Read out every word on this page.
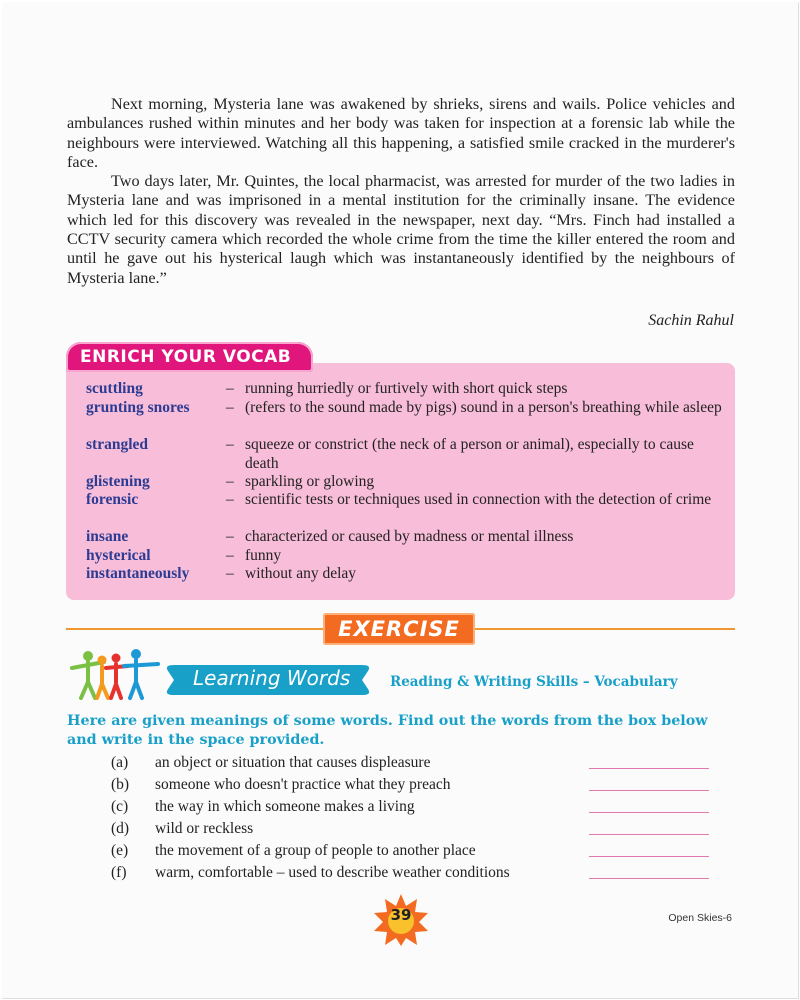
Next morning, Mysteria lane was awakened by shrieks, sirens and wails. Police vehicles and ambulances rushed within minutes and her body was taken for inspection at a forensic lab while the neighbours were interviewed. Watching all this happening, a satisfied smile cracked in the murderer's face.

Two days later, Mr. Quintes, the local pharmacist, was arrested for murder of the two ladies in Mysteria lane and was imprisoned in a mental institution for the criminally insane. The evidence which led for this discovery was revealed in the newspaper, next day. “Mrs. Finch had installed a CCTV security camera which recorded the whole crime from the time the killer entered the room and until he gave out his hysterical laugh which was instantaneously identified by the neighbours of Mysteria lane.”

Sachin Rahul
ENRICH YOUR VOCAB
scuttling	– running hurriedly or furtively with short quick steps
grunting snores – (refers to the sound made by pigs) sound in a person's breathing while asleep
strangled	– squeeze or constrict (the neck of a person or animal), especially to cause death
glistening	– sparkling or glowing
forensic	– scientific tests or techniques used in connection with the detection of crime
insane	– characterized or caused by madness or mental illness
hysterical	– funny
instantaneously – without any delay
EXERCISE
Learning Words	Reading & Writing Skills – Vocabulary
Here are given meanings of some words. Find out the words from the box below and write in the space provided.
(a) an object or situation that causes displeasure
(b) someone who doesn't practice what they preach
(c) the way in which someone makes a living
(d) wild or reckless
(e) the movement of a group of people to another place
(f) warm, comfortable – used to describe weather conditions
39	Open Skies-6
